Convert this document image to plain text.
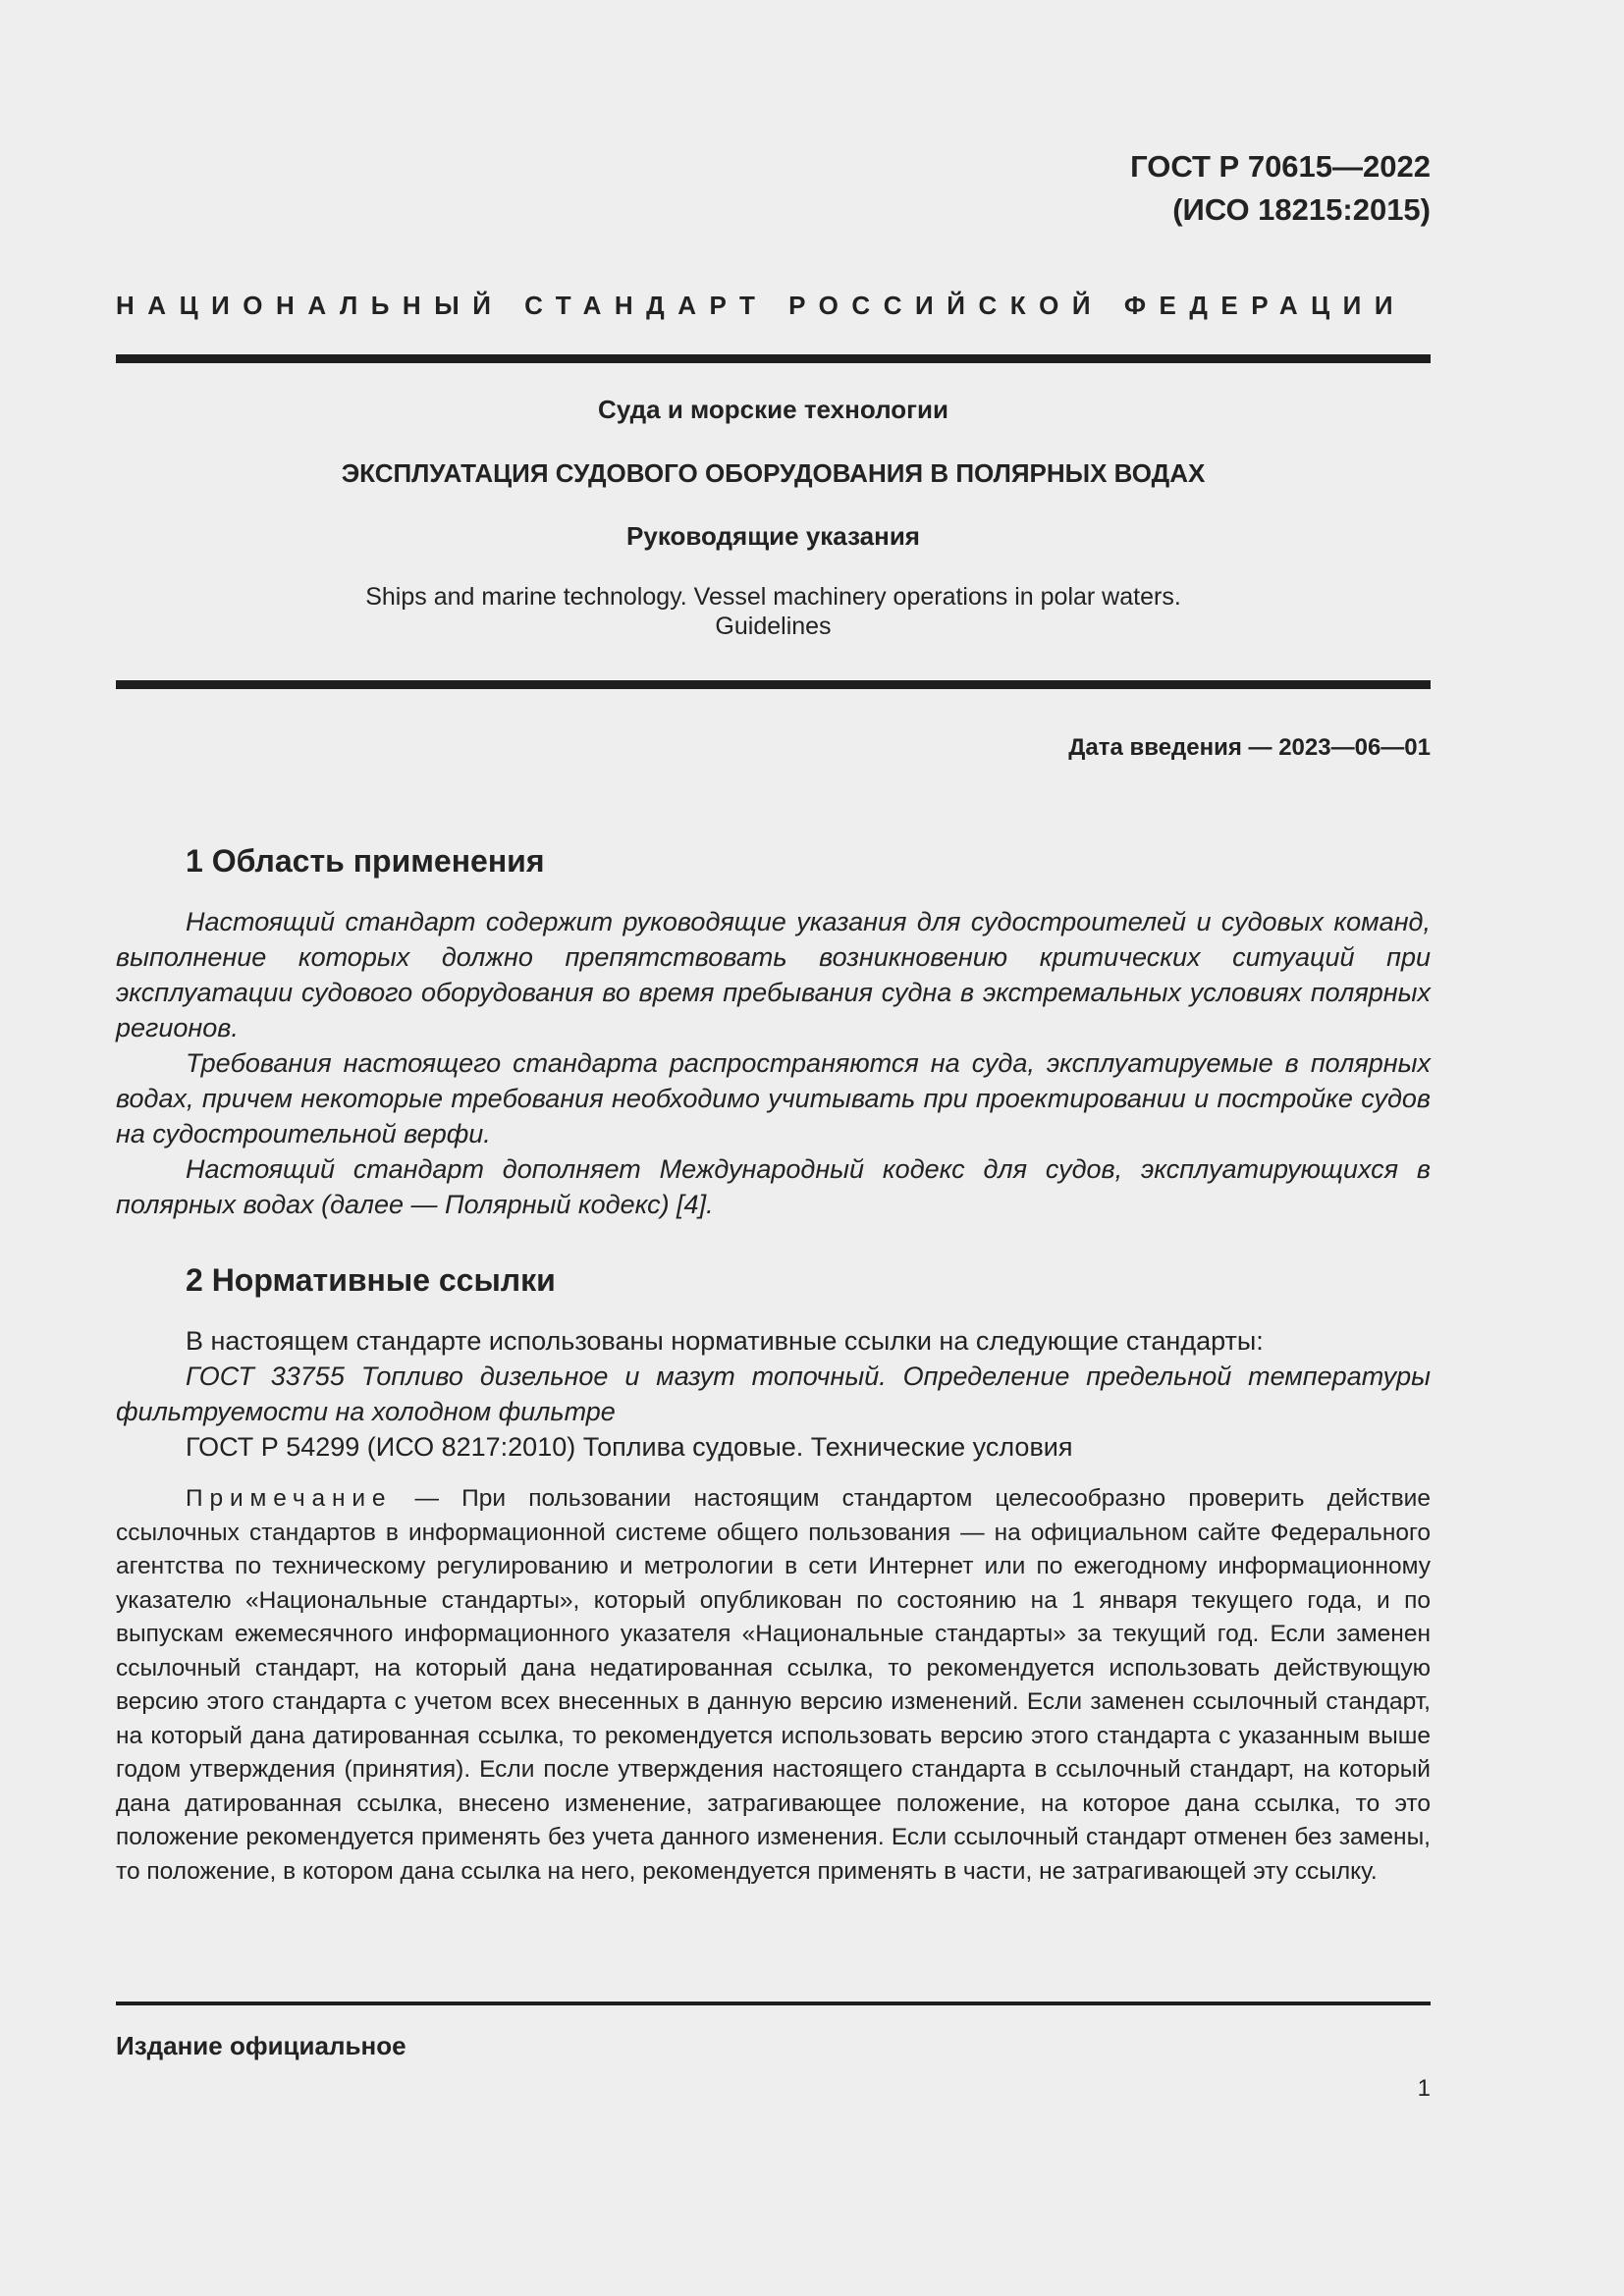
ГОСТ Р 70615—2022
(ИСО 18215:2015)
НАЦИОНАЛЬНЫЙ СТАНДАРТ РОССИЙСКОЙ ФЕДЕРАЦИИ
Суда и морские технологии
ЭКСПЛУАТАЦИЯ СУДОВОГО ОБОРУДОВАНИЯ В ПОЛЯРНЫХ ВОДАХ
Руководящие указания
Ships and marine technology. Vessel machinery operations in polar waters.
Guidelines
Дата введения — 2023—06—01
1 Область применения

Настоящий стандарт содержит руководящие указания для судостроителей и судовых команд, выполнение которых должно препятствовать возникновению критических ситуаций при эксплуатации судового оборудования во время пребывания судна в экстремальных условиях полярных регионов.

Требования настоящего стандарта распространяются на суда, эксплуатируемые в полярных водах, причем некоторые требования необходимо учитывать при проектировании и постройке судов на судостроительной верфи.

Настоящий стандарт дополняет Международный кодекс для судов, эксплуатирующихся в полярных водах (далее — Полярный кодекс) [4].

2 Нормативные ссылки

В настоящем стандарте использованы нормативные ссылки на следующие стандарты:

ГОСТ 33755 Топливо дизельное и мазут топочный. Определение предельной температуры фильтруемости на холодном фильтре

ГОСТ Р 54299 (ИСО 8217:2010) Топлива судовые. Технические условия

Примечание — При пользовании настоящим стандартом целесообразно проверить действие ссылочных стандартов в информационной системе общего пользования — на официальном сайте Федерального агентства по техническому регулированию и метрологии в сети Интернет или по ежегодному информационному указателю «Национальные стандарты», который опубликован по состоянию на 1 января текущего года, и по выпускам ежемесячного информационного указателя «Национальные стандарты» за текущий год. Если заменен ссылочный стандарт, на который дана недатированная ссылка, то рекомендуется использовать действующую версию этого стандарта с учетом всех внесенных в данную версию изменений. Если заменен ссылочный стандарт, на который дана датированная ссылка, то рекомендуется использовать версию этого стандарта с указанным выше годом утверждения (принятия). Если после утверждения настоящего стандарта в ссылочный стандарт, на который дана датированная ссылка, внесено изменение, затрагивающее положение, на которое дана ссылка, то это положение рекомендуется применять без учета данного изменения. Если ссылочный стандарт отменен без замены, то положение, в котором дана ссылка на него, рекомендуется применять в части, не затрагивающей эту ссылку.

Издание официальное
1
